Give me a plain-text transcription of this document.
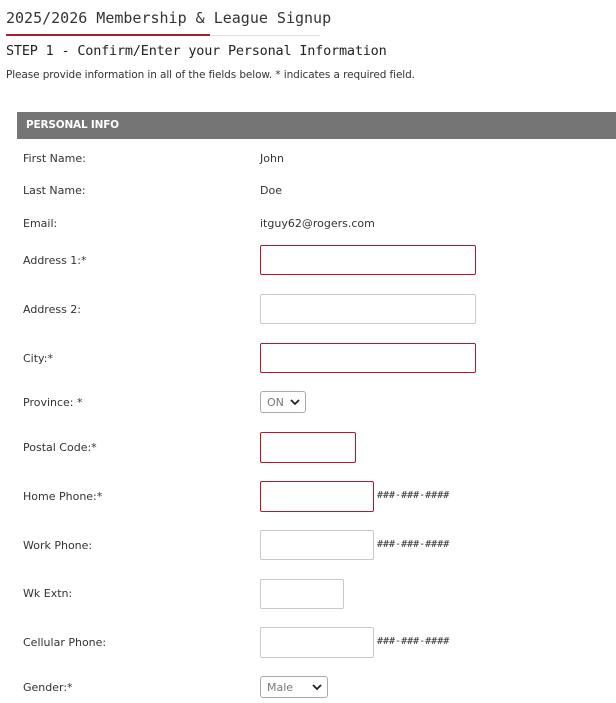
2025/2026 Membership & League Signup
STEP 1 - Confirm/Enter your Personal Information
Please provide information in all of the fields below. * indicates a required field.
PERSONAL INFO
First Name:	John
Last Name:	Doe
Email:	itguy62@rogers.com
Address 1:*
Address 2:
City:*
Province: *	ON
Postal Code:*
Home Phone:*	###-###-####
Work Phone:	###-###-####
Wk Extn:
Cellular Phone:	###-###-####
Gender:*	Male
